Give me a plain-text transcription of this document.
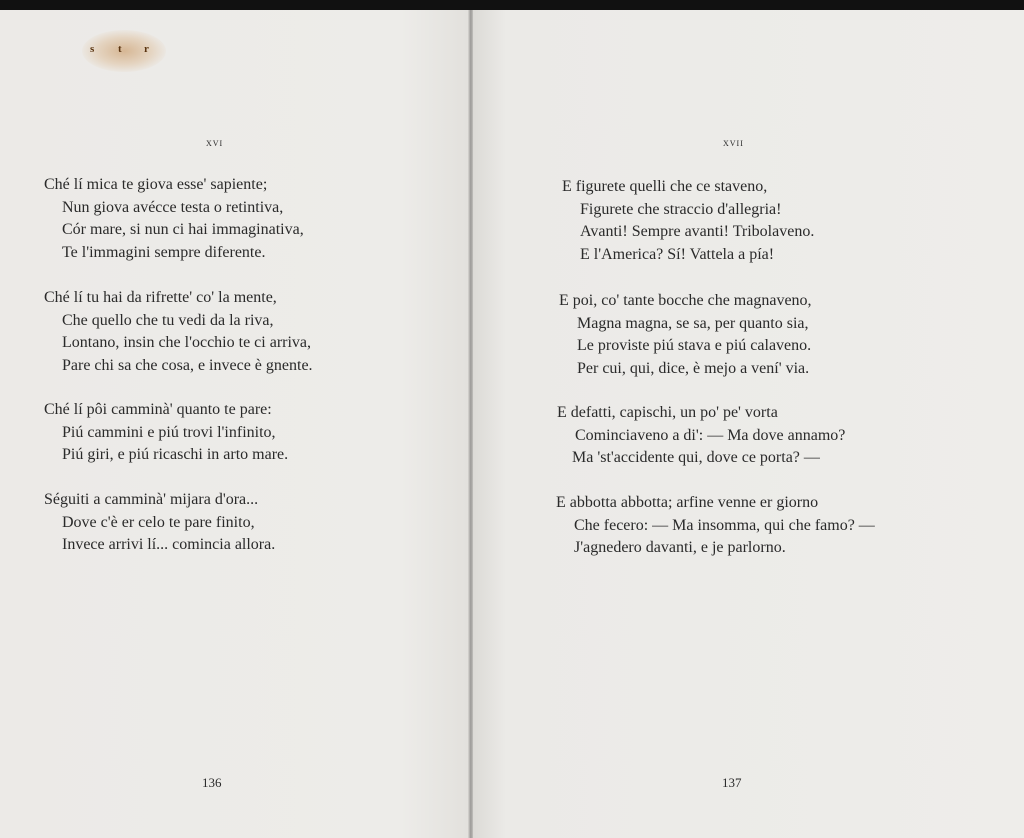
s t r
xvi
Ché lí mica te giova esse' sapiente;
Nun giova avécce testa o retintiva,
Cór mare, si nun ci hai immaginativa,
Te l'immagini sempre diferente.
Ché lí tu hai da rifrette' co' la mente,
Che quello che tu vedi da la riva,
Lontano, insin che l'occhio te ci arriva,
Pare chi sa che cosa, e invece è gnente.
Ché lí pôi camminà' quanto te pare:
Piú cammini e piú trovi l'infinito,
Piú giri, e piú ricaschi in arto mare.
Séguiti a camminà' mijara d'ora...
Dove c'è er celo te pare finito,
Invece arrivi lí... comincia allora.
136
xvii
E figurete quelli che ce staveno,
Figurete che straccio d'allegria!
Avanti! Sempre avanti! Tribolaveno.
E l'America? Sí! Vattela a pía!
E poi, co' tante bocche che magnaveno,
Magna magna, se sa, per quanto sia,
Le proviste piú stava e piú calaveno.
Per cui, qui, dice, è mejo a vení' via.
E defatti, capischi, un po' pe' vorta
Cominciaveno a di': — Ma dove annamo?
Ma 'st'accidente qui, dove ce porta? —
E abbotta abbotta; arfine venne er giorno
Che fecero: — Ma insomma, qui che famo? —
J'agnedero davanti, e je parlorno.
137
